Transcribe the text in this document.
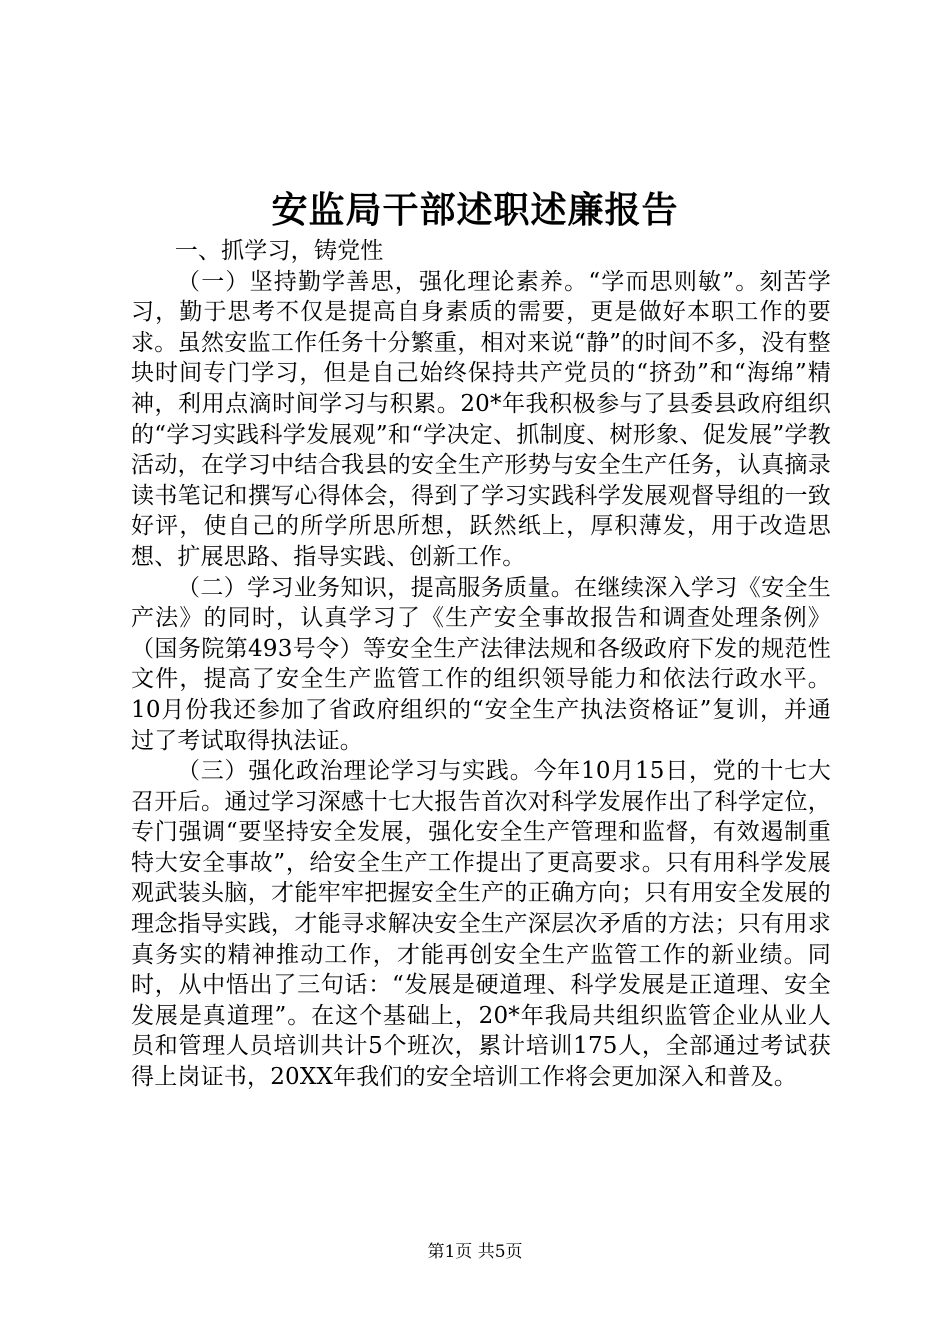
安监局干部述职述廉报告

一、抓学习，铸党性

（一）坚持勤学善思，强化理论素养。“学而思则敏”。刻苦学习，勤于思考不仅是提高自身素质的需要，更是做好本职工作的要求。虽然安监工作任务十分繁重，相对来说“静”的时间不多，没有整块时间专门学习，但是自己始终保持共产党员的“挤劲”和“海绵”精神，利用点滴时间学习与积累。20*年我积极参与了县委县政府组织的“学习实践科学发展观”和“学决定、抓制度、树形象、促发展”学教活动，在学习中结合我县的安全生产形势与安全生产任务，认真摘录读书笔记和撰写心得体会，得到了学习实践科学发展观督导组的一致好评，使自己的所学所思所想，跃然纸上，厚积薄发，用于改造思想、扩展思路、指导实践、创新工作。

（二）学习业务知识，提高服务质量。在继续深入学习《安全生产法》的同时，认真学习了《生产安全事故报告和调查处理条例》（国务院第493号令）等安全生产法律法规和各级政府下发的规范性文件，提高了安全生产监管工作的组织领导能力和依法行政水平。10月份我还参加了省政府组织的“安全生产执法资格证”复训，并通过了考试取得执法证。

（三）强化政治理论学习与实践。今年10月15日，党的十七大召开后。通过学习深感十七大报告首次对科学发展作出了科学定位，专门强调“要坚持安全发展，强化安全生产管理和监督，有效遏制重特大安全事故”，给安全生产工作提出了更高要求。只有用科学发展观武装头脑，才能牢牢把握安全生产的正确方向；只有用安全发展的理念指导实践，才能寻求解决安全生产深层次矛盾的方法；只有用求真务实的精神推动工作，才能再创安全生产监管工作的新业绩。同时，从中悟出了三句话：“发展是硬道理、科学发展是正道理、安全发展是真道理”。在这个基础上，20*年我局共组织监管企业从业人员和管理人员培训共计5个班次，累计培训175人，全部通过考试获得上岗证书，20XX年我们的安全培训工作将会更加深入和普及。

第1页 共5页
